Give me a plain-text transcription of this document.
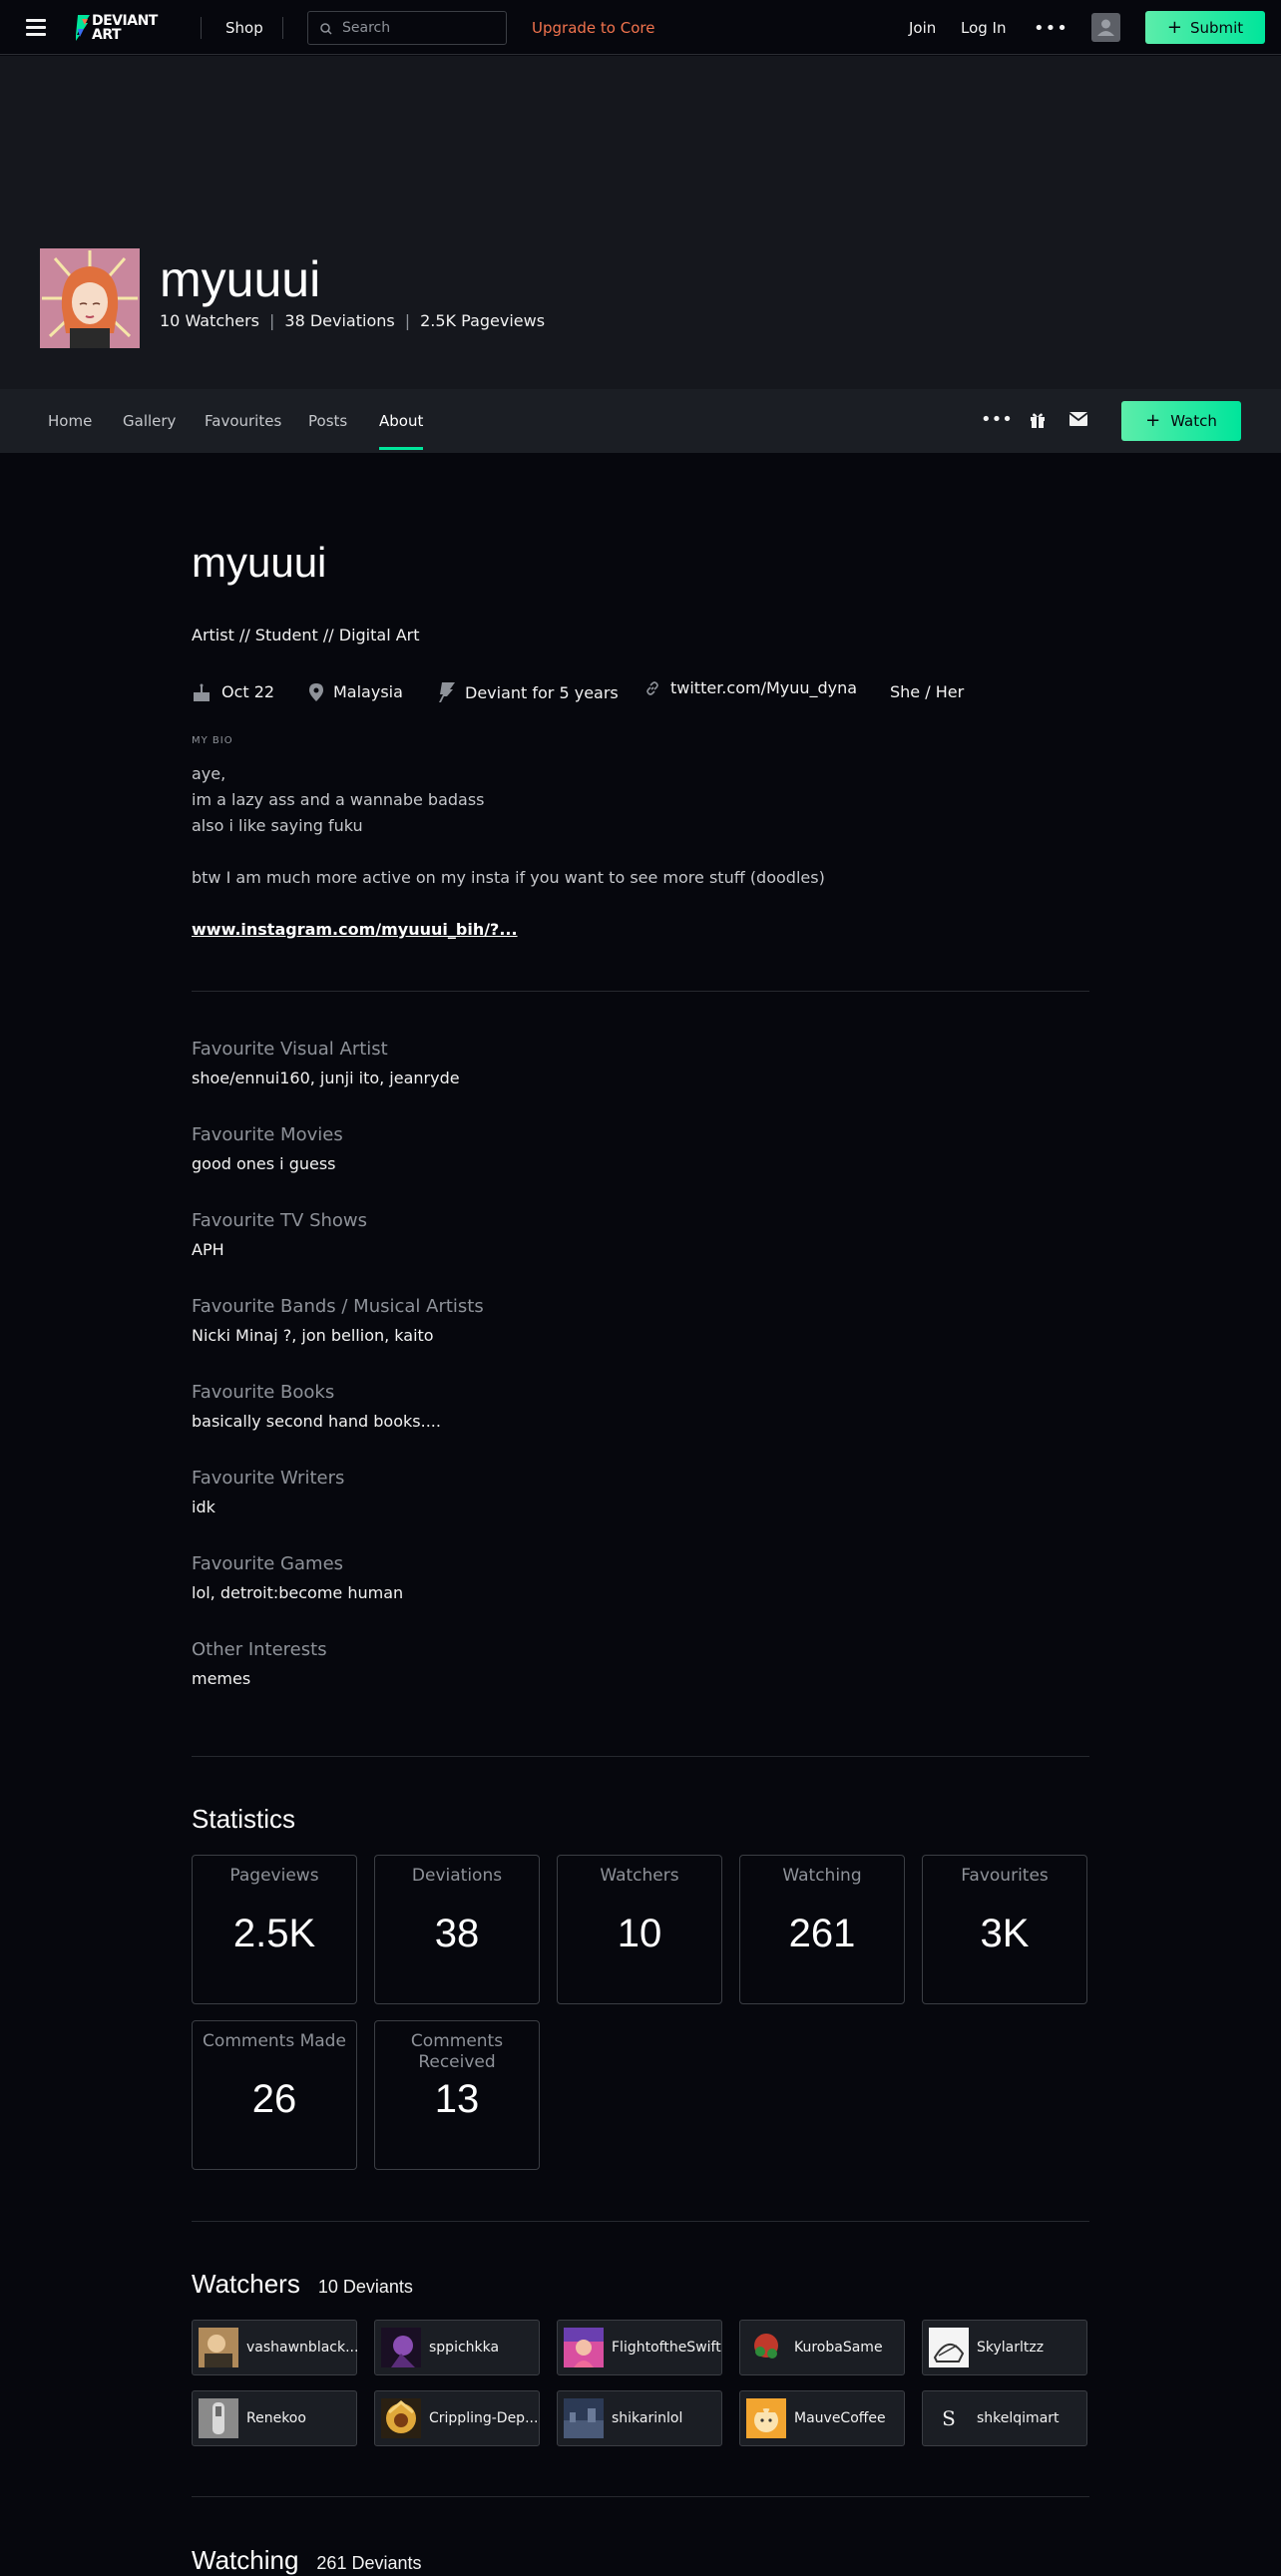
DEVIANT
ART	Shop	Search	Upgrade to Core	Join Log In •••	+ Submit
myuuui
10 Watchers | 38 Deviations | 2.5K Pageviews
Home Gallery Favourites Posts About	•••	+ Watch
myuuui
Artist // Student // Digital Art
Oct 22	Malaysia	Deviant for 5 years	twitter.com/Myuu_dyna She / Her
MY BIO
aye,
im a lazy ass and a wannabe badass
also i like saying fuku
btw I am much more active on my insta if you want to see more stuff (doodles)
www.instagram.com/myuuui_bih/?...
Favourite Visual Artist
shoe/ennui160, junji ito, jeanryde
Favourite Movies
good ones i guess
Favourite TV Shows
APH
Favourite Bands / Musical Artists
Nicki Minaj ?, jon bellion, kaito
Favourite Books
basically second hand books....
Favourite Writers
idk
Favourite Games
lol, detroit:become human
Other Interests
memes
Statistics
Pageviews
2.5K
Deviations
38
Watchers
10
Watching
261
Favourites
3K
Comments Made
26
Comments Received
13
Watchers 10 Deviants
vashawnblack...	sppichkka	FlightoftheSwift	KurobaSame	Skylarltzz
Renekoo	Crippling-Dep...	shikarinlol	MauveCoffee	S shkelqimart
Watching 261 Deviants
